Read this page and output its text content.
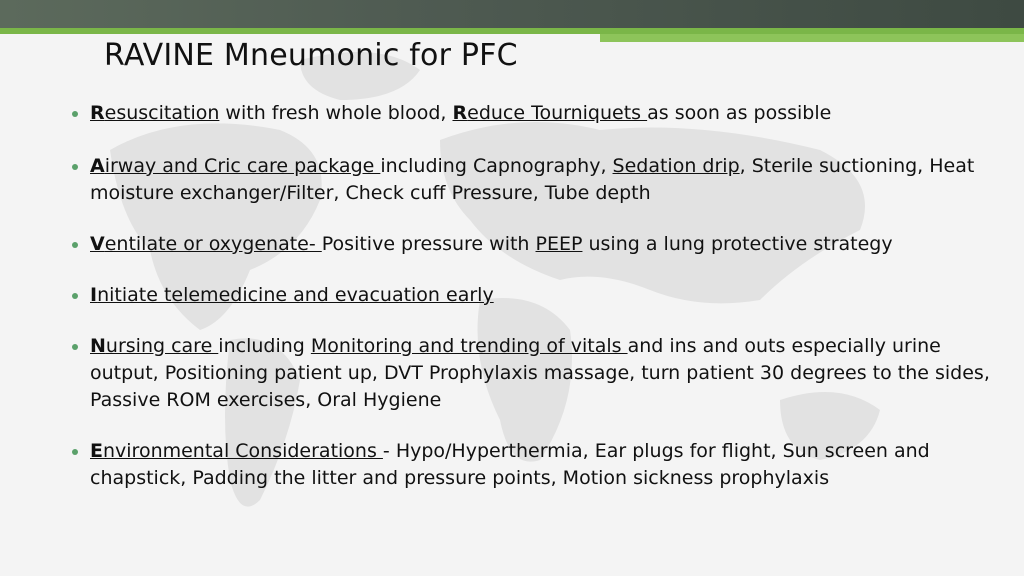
RAVINE Mneumonic for PFC
Resuscitation with fresh whole blood, Reduce Tourniquets as soon as possible
Airway and Cric care package including Capnography, Sedation drip, Sterile suctioning, Heat moisture exchanger/Filter, Check cuff Pressure, Tube depth
Ventilate or oxygenate- Positive pressure with PEEP using a lung protective strategy
Initiate telemedicine and evacuation early
Nursing care including Monitoring and trending of vitals and ins and outs especially urine output, Positioning patient up, DVT Prophylaxis massage, turn patient 30 degrees to the sides, Passive ROM exercises, Oral Hygiene
Environmental Considerations - Hypo/Hyperthermia, Ear plugs for flight, Sun screen and chapstick, Padding the litter and pressure points, Motion sickness prophylaxis
